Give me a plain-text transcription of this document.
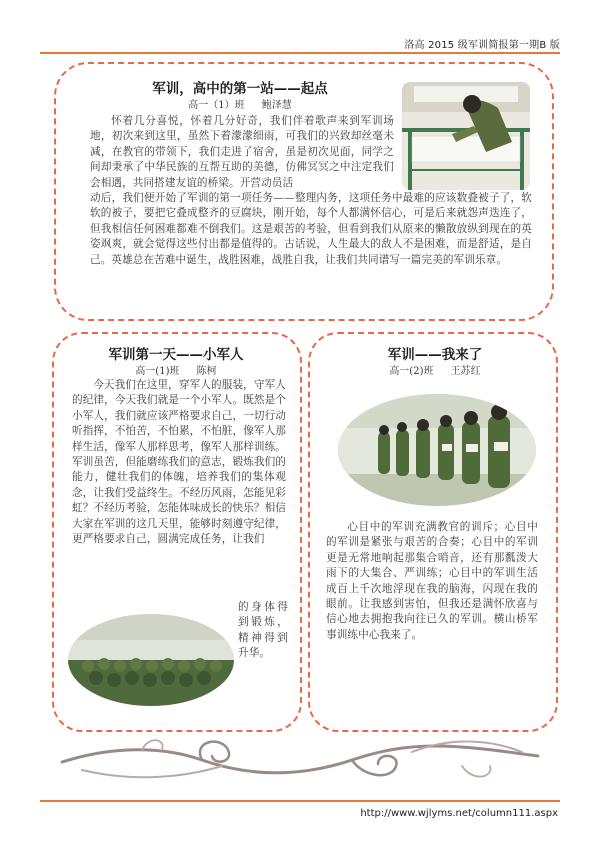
洛高 2015 级军训简报第一期B 版
军训，高中的第一站——起点
高一（1）班 鲍泽慧
怀着几分喜悦，怀着几分好奇，我们伴着歌声来到军训场地，初次来到这里，虽然下着濛濛细雨，可我们的兴致却丝毫未减，在教官的带领下，我们走进了宿舍，虽是初次见面，同学之间却秉承了中华民族的互帮互助的美德，仿佛冥冥之中注定我们会相遇，共同搭建友谊的桥梁。开营动员活
动后，我们便开始了军训的第一项任务——整理内务，这项任务中最难的应该数叠被子了，软软的被子，要把它叠成整齐的豆腐块，刚开始，每个人都满怀信心，可是后来就怨声迭连了，但我相信任何困难都难不倒我们。这是艰苦的考验，但看到我们从原来的懒散放纵到现在的英姿飒爽，就会觉得这些付出都是值得的。古话说，人生最大的敌人不是困难，而是舒适，是自己。英雄总在苦难中诞生，战胜困难，战胜自我，让我们共同谱写一篇完美的军训乐章。
军训第一天——小军人
高一(1)班 陈柯
今天我们在这里，穿军人的服装，守军人的纪律，今天我们就是一个小军人。既然是个小军人，我们就应该严格要求自己，一切行动听指挥，不怕苦，不怕累，不怕脏，像军人那样生活，像军人那样思考，像军人那样训练。军训虽苦，但能磨练我们的意志，锻炼我们的能力，健壮我们的体魄，培养我们的集体观念，让我们受益终生。不经历风雨，怎能见彩虹？不经历考验，怎能体味成长的快乐？相信大家在军训的这几天里，能够时刻遵守纪律，更严格要求自己，圆满完成任务，让我们
的身体得到锻炼，精神得到升华。
军训——我来了
高一(2)班 王苏红
心目中的军训充满教官的训斥；心目中的军训是紧张与艰苦的合奏；心目中的军训更是无常地响起那集合哨音，还有那瓢泼大雨下的大集合、严训练；心目中的军训生活成百上千次地浮现在我的脑海，闪现在我的眼前。让我感到害怕，但我还是满怀欣喜与信心地去拥抱我向往已久的军训。横山桥军事训练中心我来了。
http://www.wjlyms.net/column111.aspx
